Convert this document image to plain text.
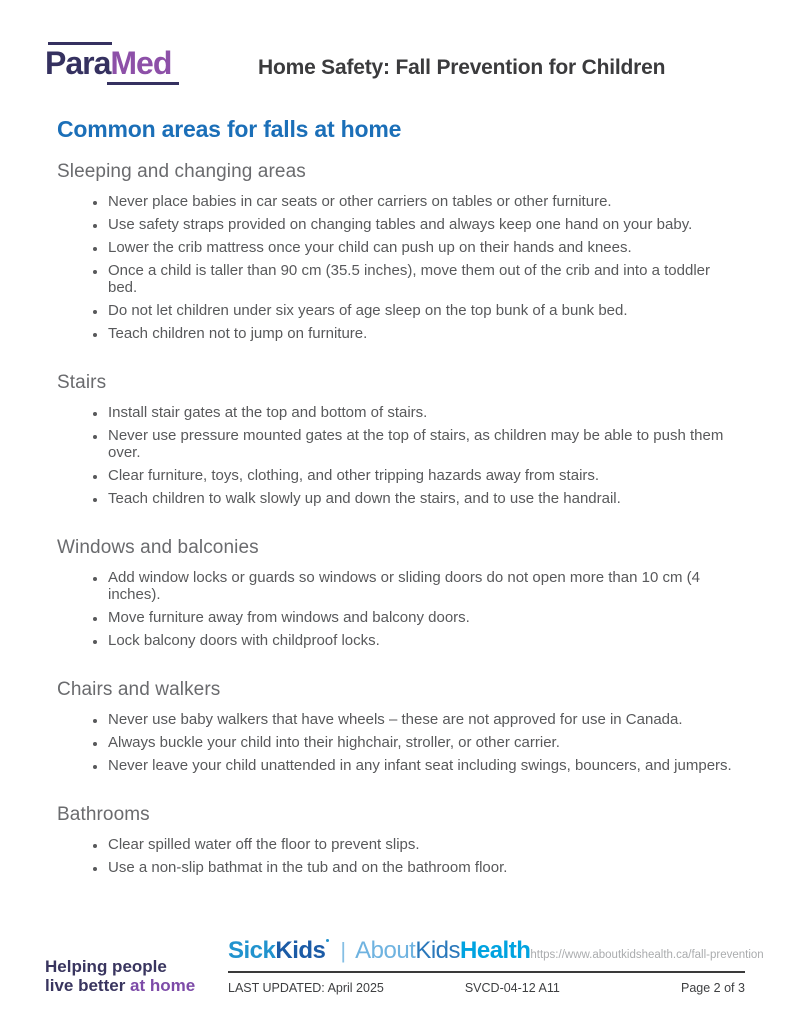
ParaMed	Home Safety: Fall Prevention for Children
Common areas for falls at home
Sleeping and changing areas
• Never place babies in car seats or other carriers on tables or other furniture.
• Use safety straps provided on changing tables and always keep one hand on your baby.
• Lower the crib mattress once your child can push up on their hands and knees.
• Once a child is taller than 90 cm (35.5 inches), move them out of the crib and into a toddler bed.
• Do not let children under six years of age sleep on the top bunk of a bunk bed.
• Teach children not to jump on furniture.
Stairs
• Install stair gates at the top and bottom of stairs.
• Never use pressure mounted gates at the top of stairs, as children may be able to push them over.
• Clear furniture, toys, clothing, and other tripping hazards away from stairs.
• Teach children to walk slowly up and down the stairs, and to use the handrail.
Windows and balconies
• Add window locks or guards so windows or sliding doors do not open more than 10 cm (4 inches).
• Move furniture away from windows and balcony doors.
• Lock balcony doors with childproof locks.
Chairs and walkers
• Never use baby walkers that have wheels – these are not approved for use in Canada.
• Always buckle your child into their highchair, stroller, or other carrier.
• Never leave your child unattended in any infant seat including swings, bouncers, and jumpers.
Bathrooms
• Clear spilled water off the floor to prevent slips.
• Use a non-slip bathmat in the tub and on the bathroom floor.
Helping people
live better at home
SickKids | AboutKidsHealth https://www.aboutkidshealth.ca/fall-prevention
LAST UPDATED: April 2025	SVCD-04-12 A11	Page 2 of 3
